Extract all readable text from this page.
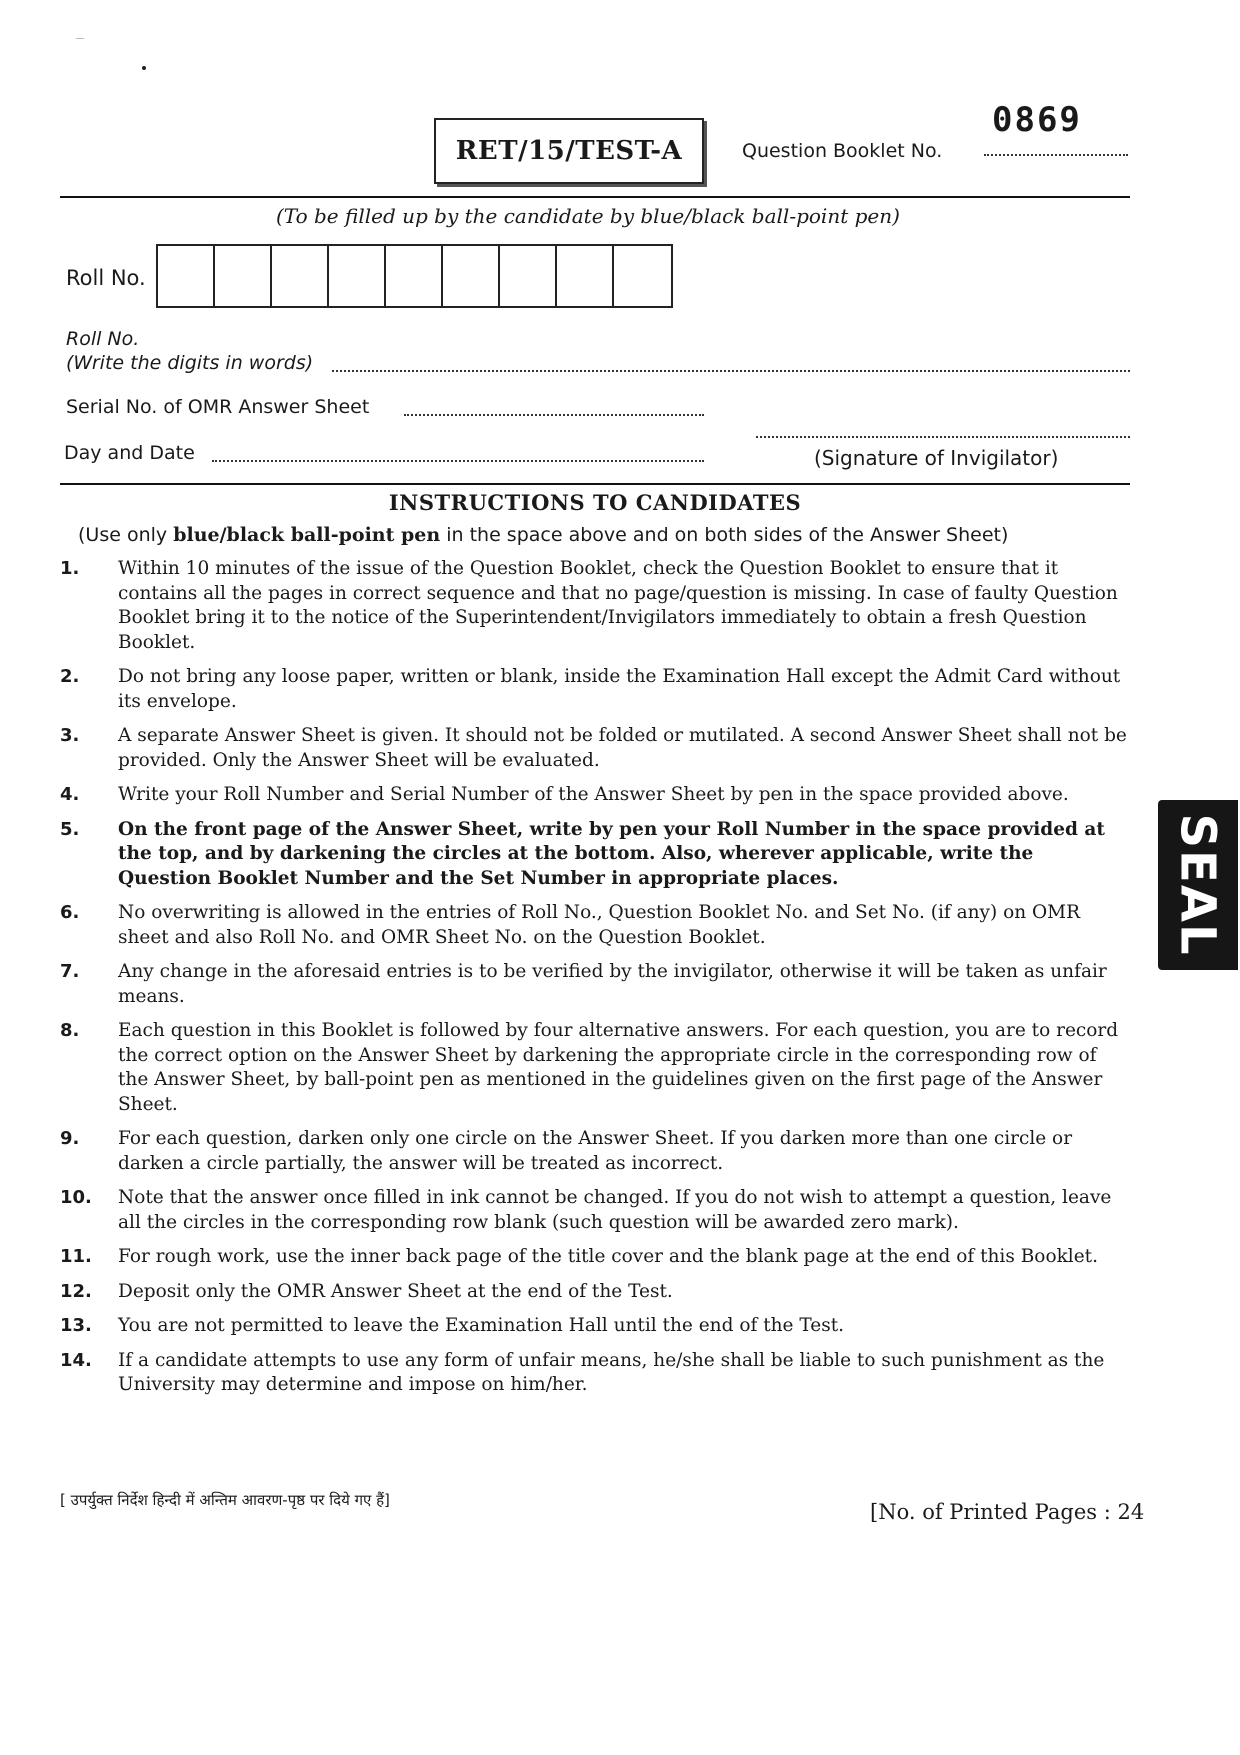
RET/15/TEST-A	Question Booklet No.
0869
(To be filled up by the candidate by blue/black ball-point pen)
Roll No.
Roll No.
(Write the digits in words)
Serial No. of OMR Answer Sheet
Day and Date	(Signature of Invigilator)
INSTRUCTIONS TO CANDIDATES
(Use only blue/black ball-point pen in the space above and on both sides of the Answer Sheet)
1.	Within 10 minutes of the issue of the Question Booklet, check the Question Booklet to ensure that it contains all the pages in correct sequence and that no page/question is missing. In case of faulty Question Booklet bring it to the notice of the Superintendent/Invigilators immediately to obtain a fresh Question Booklet.
2.	Do not bring any loose paper, written or blank, inside the Examination Hall except the Admit Card without its envelope.
3.	A separate Answer Sheet is given. It should not be folded or mutilated. A second Answer Sheet shall not be provided. Only the Answer Sheet will be evaluated.
4.	Write your Roll Number and Serial Number of the Answer Sheet by pen in the space provided above.
5.	On the front page of the Answer Sheet, write by pen your Roll Number in the space provided at the top, and by darkening the circles at the bottom. Also, wherever applicable, write the Question Booklet Number and the Set Number in appropriate places.
6.	No overwriting is allowed in the entries of Roll No., Question Booklet No. and Set No. (if any) on OMR sheet and also Roll No. and OMR Sheet No. on the Question Booklet.
7.	Any change in the aforesaid entries is to be verified by the invigilator, otherwise it will be taken as unfair means.
8.	Each question in this Booklet is followed by four alternative answers. For each question, you are to record the correct option on the Answer Sheet by darkening the appropriate circle in the corresponding row of the Answer Sheet, by ball-point pen as mentioned in the guidelines given on the first page of the Answer Sheet.
9.	For each question, darken only one circle on the Answer Sheet. If you darken more than one circle or darken a circle partially, the answer will be treated as incorrect.
10.	Note that the answer once filled in ink cannot be changed. If you do not wish to attempt a question, leave all the circles in the corresponding row blank (such question will be awarded zero mark).
11.	For rough work, use the inner back page of the title cover and the blank page at the end of this Booklet.
12.	Deposit only the OMR Answer Sheet at the end of the Test.
13.	You are not permitted to leave the Examination Hall until the end of the Test.
14.	If a candidate attempts to use any form of unfair means, he/she shall be liable to such punishment as the University may determine and impose on him/her.
SEAL
[ उपर्युक्त निर्देश हिन्दी में अन्तिम आवरण-पृष्ठ पर दिये गए हैं]	[No. of Printed Pages : 24
